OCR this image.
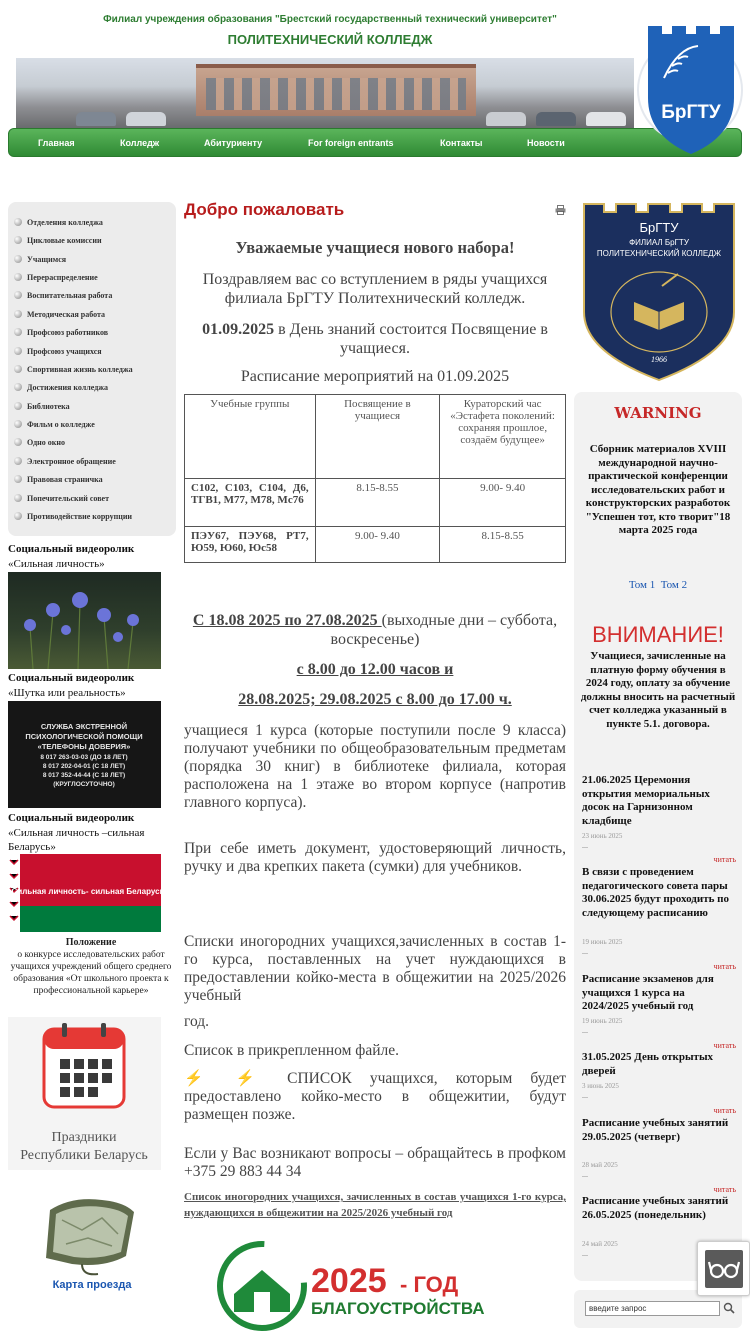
Филиал учреждения образования "Брестский государственный технический университет"
ПОЛИТЕХНИЧЕСКИЙ КОЛЛЕДЖ
Главная	Колледж	Абитуриенту	For foreign entrants	Контакты	Новости
БрГТУ
Отделения колледжа
Цикловые комиссии
Учащимся
Перераспределение
Воспитательная работа
Методическая работа
Профсоюз работников
Профсоюз учащихся
Спортивная жизнь колледжа
Достижения колледжа
Библиотека
Фильм о колледже
Одно окно
Электронное обращение
Правовая страничка
Попечительский совет
Противодействие коррупции
Социальный видеоролик
«Сильная личность»
Социальный видеоролик
«Шутка или реальность»
СЛУЖБА ЭКСТРЕННОЙ
ПСИХОЛОГИЧЕСКОЙ ПОМОЩИ
«ТЕЛЕФОНЫ ДОВЕРИЯ»
8 017 263-03-03 (ДО 18 ЛЕТ)
8 017 202-04-01 (С 18 ЛЕТ)
8 017 352-44-44 (С 18 ЛЕТ)
(КРУГЛОСУТОЧНО)
Социальный видеоролик
«Сильная личность –сильная Беларусь»
Сильная личность- сильная Беларусь
Положение
о конкурсе исследовательских работ учащихся учреждений общего среднего образования «От школьного проекта к профессиональной карьере»
Праздники
Республики Беларусь
Карта проезда
Добро пожаловать
Уважаемые учащиеся нового набора!
Поздравляем вас со вступлением в ряды учащихся филиала БрГТУ Политехнический колледж.
01.09.2025 в День знаний состоится Посвящение в учащиеся.
Расписание мероприятий на 01.09.2025
Учебные группы	Посвящение в учащиеся	Кураторский час «Эстафета поколений: сохраняя прошлое, создаём будущее»
С102, С103, С104, Д6, ТГВ1, М77, М78, Мс76	8.15-8.55	9.00- 9.40
ПЭУ67, ПЭУ68, РТ7, Ю59, Ю60, Юс58	9.00- 9.40	8.15-8.55
С 18.08 2025 по 27.08.2025 (выходные дни – суббота, воскресенье)
с 8.00 до 12.00 часов и
28.08.2025; 29.08.2025 с 8.00 до 17.00 ч.
учащиеся 1 курса (которые поступили после 9 класса) получают учебники по общеобразовательным предметам (порядка 30 книг) в библиотеке филиала, которая расположена на 1 этаже во втором корпусе (напротив главного корпуса).
При себе иметь документ, удостоверяющий личность, ручку и два крепких пакета (сумки) для учебников.
Списки иногородних учащихся,зачисленных в состав 1-го курса, поставленных на учет нуждающихся в предоставлении койко-места в общежитии на 2025/2026 учебный
год.
Список в прикрепленном файле.
⚡ ⚡ СПИСОК учащихся, которым будет предоставлено койко-место в общежитии, будут размещен позже.
Если у Вас возникают вопросы – обращайтесь в профком +375 29 883 44 34
Список иногородних учащихся, зачисленных в состав учащихся 1-го курса, нуждающихся в общежитии на 2025/2026 учебный год
2025 - ГОД
БЛАГОУСТРОЙСТВА
БрГТУ
ФИЛИАЛ БрГТУ
ПОЛИТЕХНИЧЕСКИЙ КОЛЛЕДЖ
1966
WARNING
Сборник материалов XVIII международной научно-практической конференции исследовательских работ и конструкторских разработок "Успешен тот, кто творит"18 марта 2025 года
Том 1 Том 2
ВНИМАНИЕ!
Учащиеся, зачисленные на платную форму обучения в 2024 году, оплату за обучение должны вносить на расчетный счет колледжа указанный в пункте 5.1. договора.
21.06.2025 Церемония открытия мемориальных досок на Гарнизонном кладбище
23 июнь 2025
...
читать
В связи с проведением педагогического совета пары 30.06.2025 будут проходить по следующему расписанию
19 июнь 2025
...
читать
Расписание экзаменов для учащихся 1 курса на 2024/2025 учебный год
19 июнь 2025
...
читать
31.05.2025 День открытых дверей
3 июнь 2025
...
читать
Расписание учебных занятий 29.05.2025 (четверг)
28 май 2025
...
читать
Расписание учебных занятий 26.05.2025 (понедельник)
24 май 2025
...
введите запрос
